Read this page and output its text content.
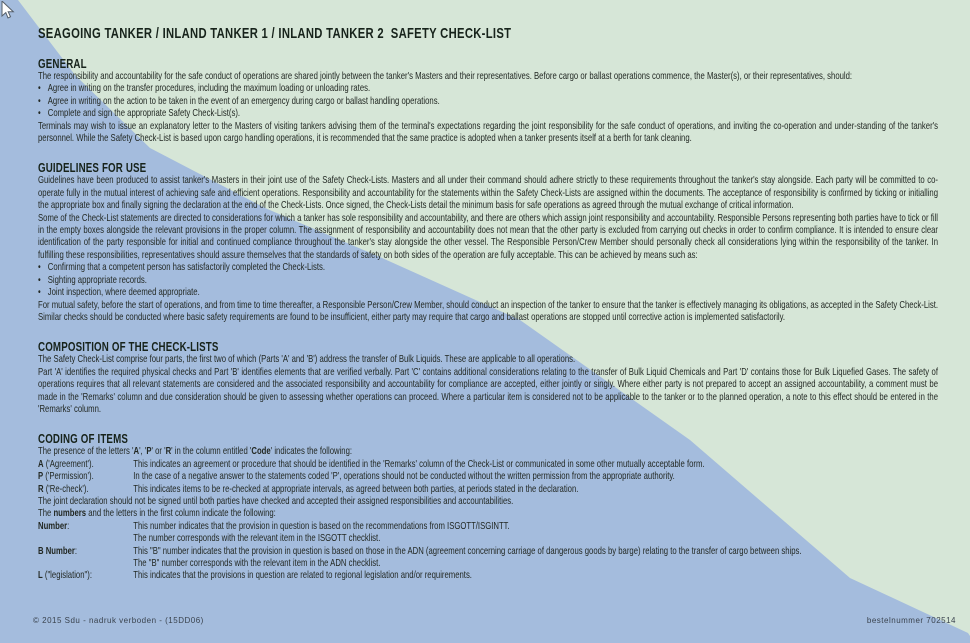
SEAGOING TANKER / INLAND TANKER 1 / INLAND TANKER 2  SAFETY CHECK-LIST
GENERAL

The responsibility and accountability for the safe conduct of operations are shared jointly between the tanker's Masters and their representatives. Before cargo or ballast operations commence, the Master(s), or their representatives, should:

• Agree in writing on the transfer procedures, including the maximum loading or unloading rates.
• Agree in writing on the action to be taken in the event of an emergency during cargo or ballast handling operations.
• Complete and sign the appropriate Safety Check-List(s).

Terminals may wish to issue an explanatory letter to the Masters of visiting tankers advising them of the terminal's expectations regarding the joint responsibility for the safe conduct of operations, and inviting the co-operation and under-standing of the tanker's personnel. While the Safety Check-List is based upon cargo handling operations, it is recommended that the same practice is adopted when a tanker presents itself at a berth for tank cleaning.

GUIDELINES FOR USE

Guidelines have been produced to assist tanker's Masters in their joint use of the Safety Check-Lists. Masters and all under their command should adhere strictly to these requirements throughout the tanker's stay alongside. Each party will be committed to co-operate fully in the mutual interest of achieving safe and efficient operations. Responsibility and accountability for the statements within the Safety Check-Lists are assigned within the documents. The acceptance of responsibility is confirmed by ticking or initialling the appropriate box and finally signing the declaration at the end of the Check-Lists. Once signed, the Check-Lists detail the minimum basis for safe operations as agreed through the mutual exchange of critical information.

Some of the Check-List statements are directed to considerations for which a tanker has sole responsibility and accountability, and there are others which assign joint responsibility and accountability. Responsible Persons representing both parties have to tick or fill in the empty boxes alongside the relevant provisions in the proper column. The assignment of responsibility and accountability does not mean that the other party is excluded from carrying out checks in order to confirm compliance. It is intended to ensure clear identification of the party responsible for initial and continued compliance throughout the tanker's stay alongside the other vessel. The Responsible Person/Crew Member should personally check all considerations lying within the responsibility of the tanker. In fulfilling these responsibilities, representatives should assure themselves that the standards of safety on both sides of the operation are fully acceptable. This can be achieved by means such as:

• Confirming that a competent person has satisfactorily completed the Check-Lists.
• Sighting appropriate records.
• Joint inspection, where deemed appropriate.

For mutual safety, before the start of operations, and from time to time thereafter, a Responsible Person/Crew Member, should conduct an inspection of the tanker to ensure that the tanker is effectively managing its obligations, as accepted in the Safety Check-List. Similar checks should be conducted where basic safety requirements are found to be insufficient, either party may require that cargo and ballast operations are stopped until corrective action is implemented satisfactorily.

COMPOSITION OF THE CHECK-LISTS

The Safety Check-List comprise four parts, the first two of which (Parts 'A' and 'B') address the transfer of Bulk Liquids. These are applicable to all operations.

Part 'A' identifies the required physical checks and Part 'B' identifies elements that are verified verbally. Part 'C' contains additional considerations relating to the transfer of Bulk Liquid Chemicals and Part 'D' contains those for Bulk Liquefied Gases. The safety of operations requires that all relevant statements are considered and the associated responsibility and accountability for compliance are accepted, either jointly or singly. Where either party is not prepared to accept an assigned accountability, a comment must be made in the 'Remarks' column and due consideration should be given to assessing whether operations can proceed. Where a particular item is considered not to be applicable to the tanker or to the planned operation, a note to this effect should be entered in the 'Remarks' column.

CODING OF ITEMS

The presence of the letters 'A', 'P' or 'R' in the column entitled 'Code' indicates the following:

A ('Agreement').	This indicates an agreement or procedure that should be identified in the 'Remarks' column of the Check-List or communicated in some other mutually acceptable form.
P ('Permission').	In the case of a negative answer to the statements coded 'P', operations should not be conducted without the written permission from the appropriate authority.
R ('Re-check').	This indicates items to be re-checked at appropriate intervals, as agreed between both parties, at periods stated in the declaration.

The joint declaration should not be signed until both parties have checked and accepted their assigned responsibilities and accountabilities.

The numbers and the letters in the first column indicate the following:

Number:	This number indicates that the provision in question is based on the recommendations from ISGOTT/ISGINTT.
The number corresponds with the relevant item in the ISGOTT checklist.
B Number:	This "B" number indicates that the provision in question is based on those in the ADN (agreement concerning carriage of dangerous goods by barge) relating to the transfer of cargo between ships.
The "B" number corresponds with the relevant item in the ADN checklist.
L ("legislation"):	This indicates that the provisions in question are related to regional legislation and/or requirements.
© 2015 Sdu - nadruk verboden - (15DD06)	bestelnummer 702514
